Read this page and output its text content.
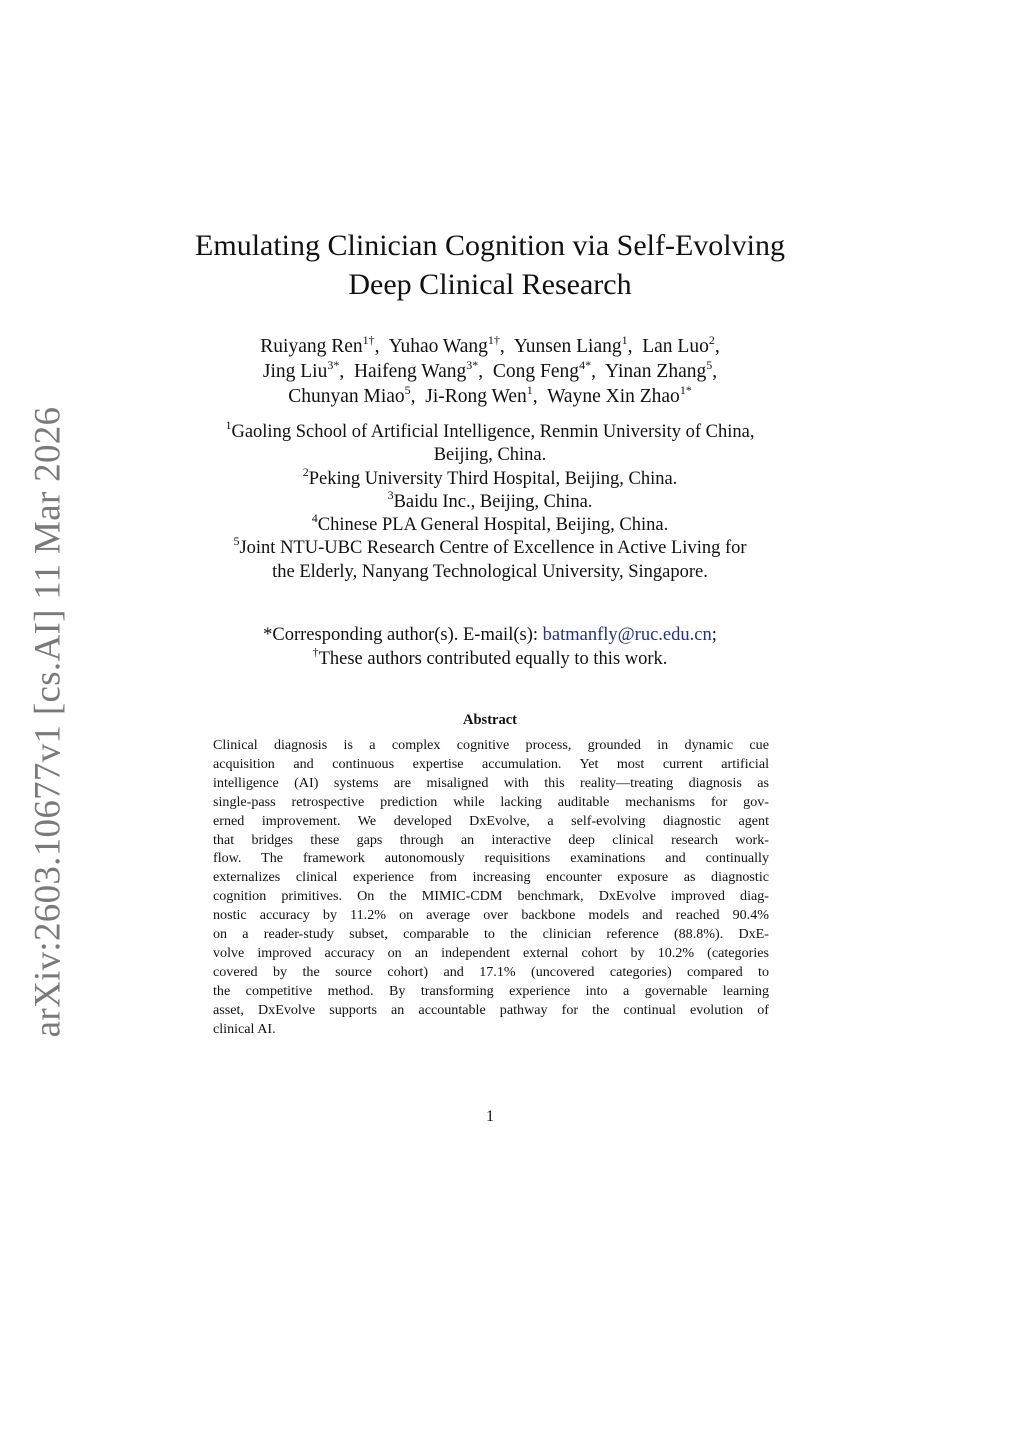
arXiv:2603.10677v1 [cs.AI] 11 Mar 2026
Emulating Clinician Cognition via Self-Evolving
Deep Clinical Research
Ruiyang Ren$^{1\dagger}$,  Yuhao Wang$^{1\dagger}$,  Yunsen Liang$^1$,  Lan Luo$^2$,
Jing Liu$^{3*}$,  Haifeng Wang$^{3*}$,  Cong Feng$^{4*}$,  Yinan Zhang$^5$,
Chunyan Miao$^5$,  Ji-Rong Wen$^1$,  Wayne Xin Zhao$^{1*}$
$^1$Gaoling School of Artificial Intelligence, Renmin University of China,
Beijing, China.
$^2$Peking University Third Hospital, Beijing, China.
$^3$Baidu Inc., Beijing, China.
$^4$Chinese PLA General Hospital, Beijing, China.
$^5$Joint NTU-UBC Research Centre of Excellence in Active Living for
the Elderly, Nanyang Technological University, Singapore.
*Corresponding author(s). E-mail(s): batmanfly@ruc.edu.cn;
†These authors contributed equally to this work.
Abstract
Clinical diagnosis is a complex cognitive process, grounded in dynamic cue
acquisition and continuous expertise accumulation. Yet most current artificial
intelligence (AI) systems are misaligned with this reality—treating diagnosis as
single-pass retrospective prediction while lacking auditable mechanisms for gov-
erned improvement. We developed DxEvolve, a self-evolving diagnostic agent
that bridges these gaps through an interactive deep clinical research work-
flow. The framework autonomously requisitions examinations and continually
externalizes clinical experience from increasing encounter exposure as diagnostic
cognition primitives. On the MIMIC-CDM benchmark, DxEvolve improved diag-
nostic accuracy by 11.2% on average over backbone models and reached 90.4%
on a reader-study subset, comparable to the clinician reference (88.8%). DxE-
volve improved accuracy on an independent external cohort by 10.2% (categories
covered by the source cohort) and 17.1% (uncovered categories) compared to
the competitive method. By transforming experience into a governable learning
asset, DxEvolve supports an accountable pathway for the continual evolution of
clinical AI.
1
